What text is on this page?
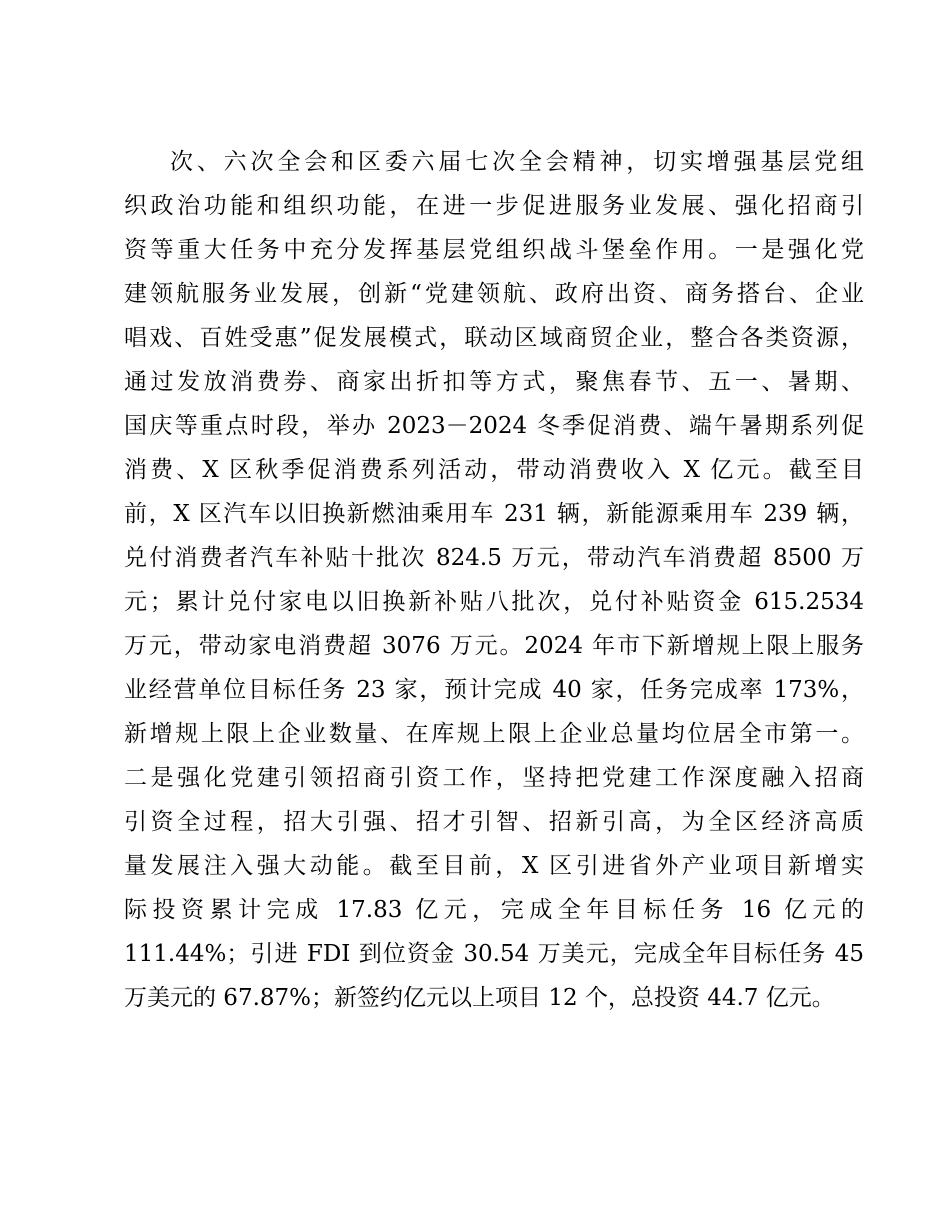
次、六次全会和区委六届七次全会精神，切实增强基层党组
织政治功能和组织功能，在进一步促进服务业发展、强化招商引
资等重大任务中充分发挥基层党组织战斗堡垒作用。一是强化党
建领航服务业发展，创新“党建领航、政府出资、商务搭台、企业
唱戏、百姓受惠”促发展模式，联动区域商贸企业，整合各类资源，
通过发放消费券、商家出折扣等方式，聚焦春节、五一、暑期、
国庆等重点时段，举办 2023－2024 冬季促消费、端午暑期系列促
消费、X 区秋季促消费系列活动，带动消费收入 X 亿元。截至目
前，X 区汽车以旧换新燃油乘用车 231 辆，新能源乘用车 239 辆，
兑付消费者汽车补贴十批次 824.5 万元，带动汽车消费超 8500 万
元；累计兑付家电以旧换新补贴八批次，兑付补贴资金 615.2534
万元，带动家电消费超 3076 万元。2024 年市下新增规上限上服务
业经营单位目标任务 23 家，预计完成 40 家，任务完成率 173%，
新增规上限上企业数量、在库规上限上企业总量均位居全市第一。
二是强化党建引领招商引资工作，坚持把党建工作深度融入招商
引资全过程，招大引强、招才引智、招新引高，为全区经济高质
量发展注入强大动能。截至目前，X 区引进省外产业项目新增实
际投资累计完成 17.83 亿元，完成全年目标任务 16 亿元的
111.44%；引进 FDI 到位资金 30.54 万美元，完成全年目标任务 45
万美元的 67.87%；新签约亿元以上项目 12 个，总投资 44.7 亿元。
